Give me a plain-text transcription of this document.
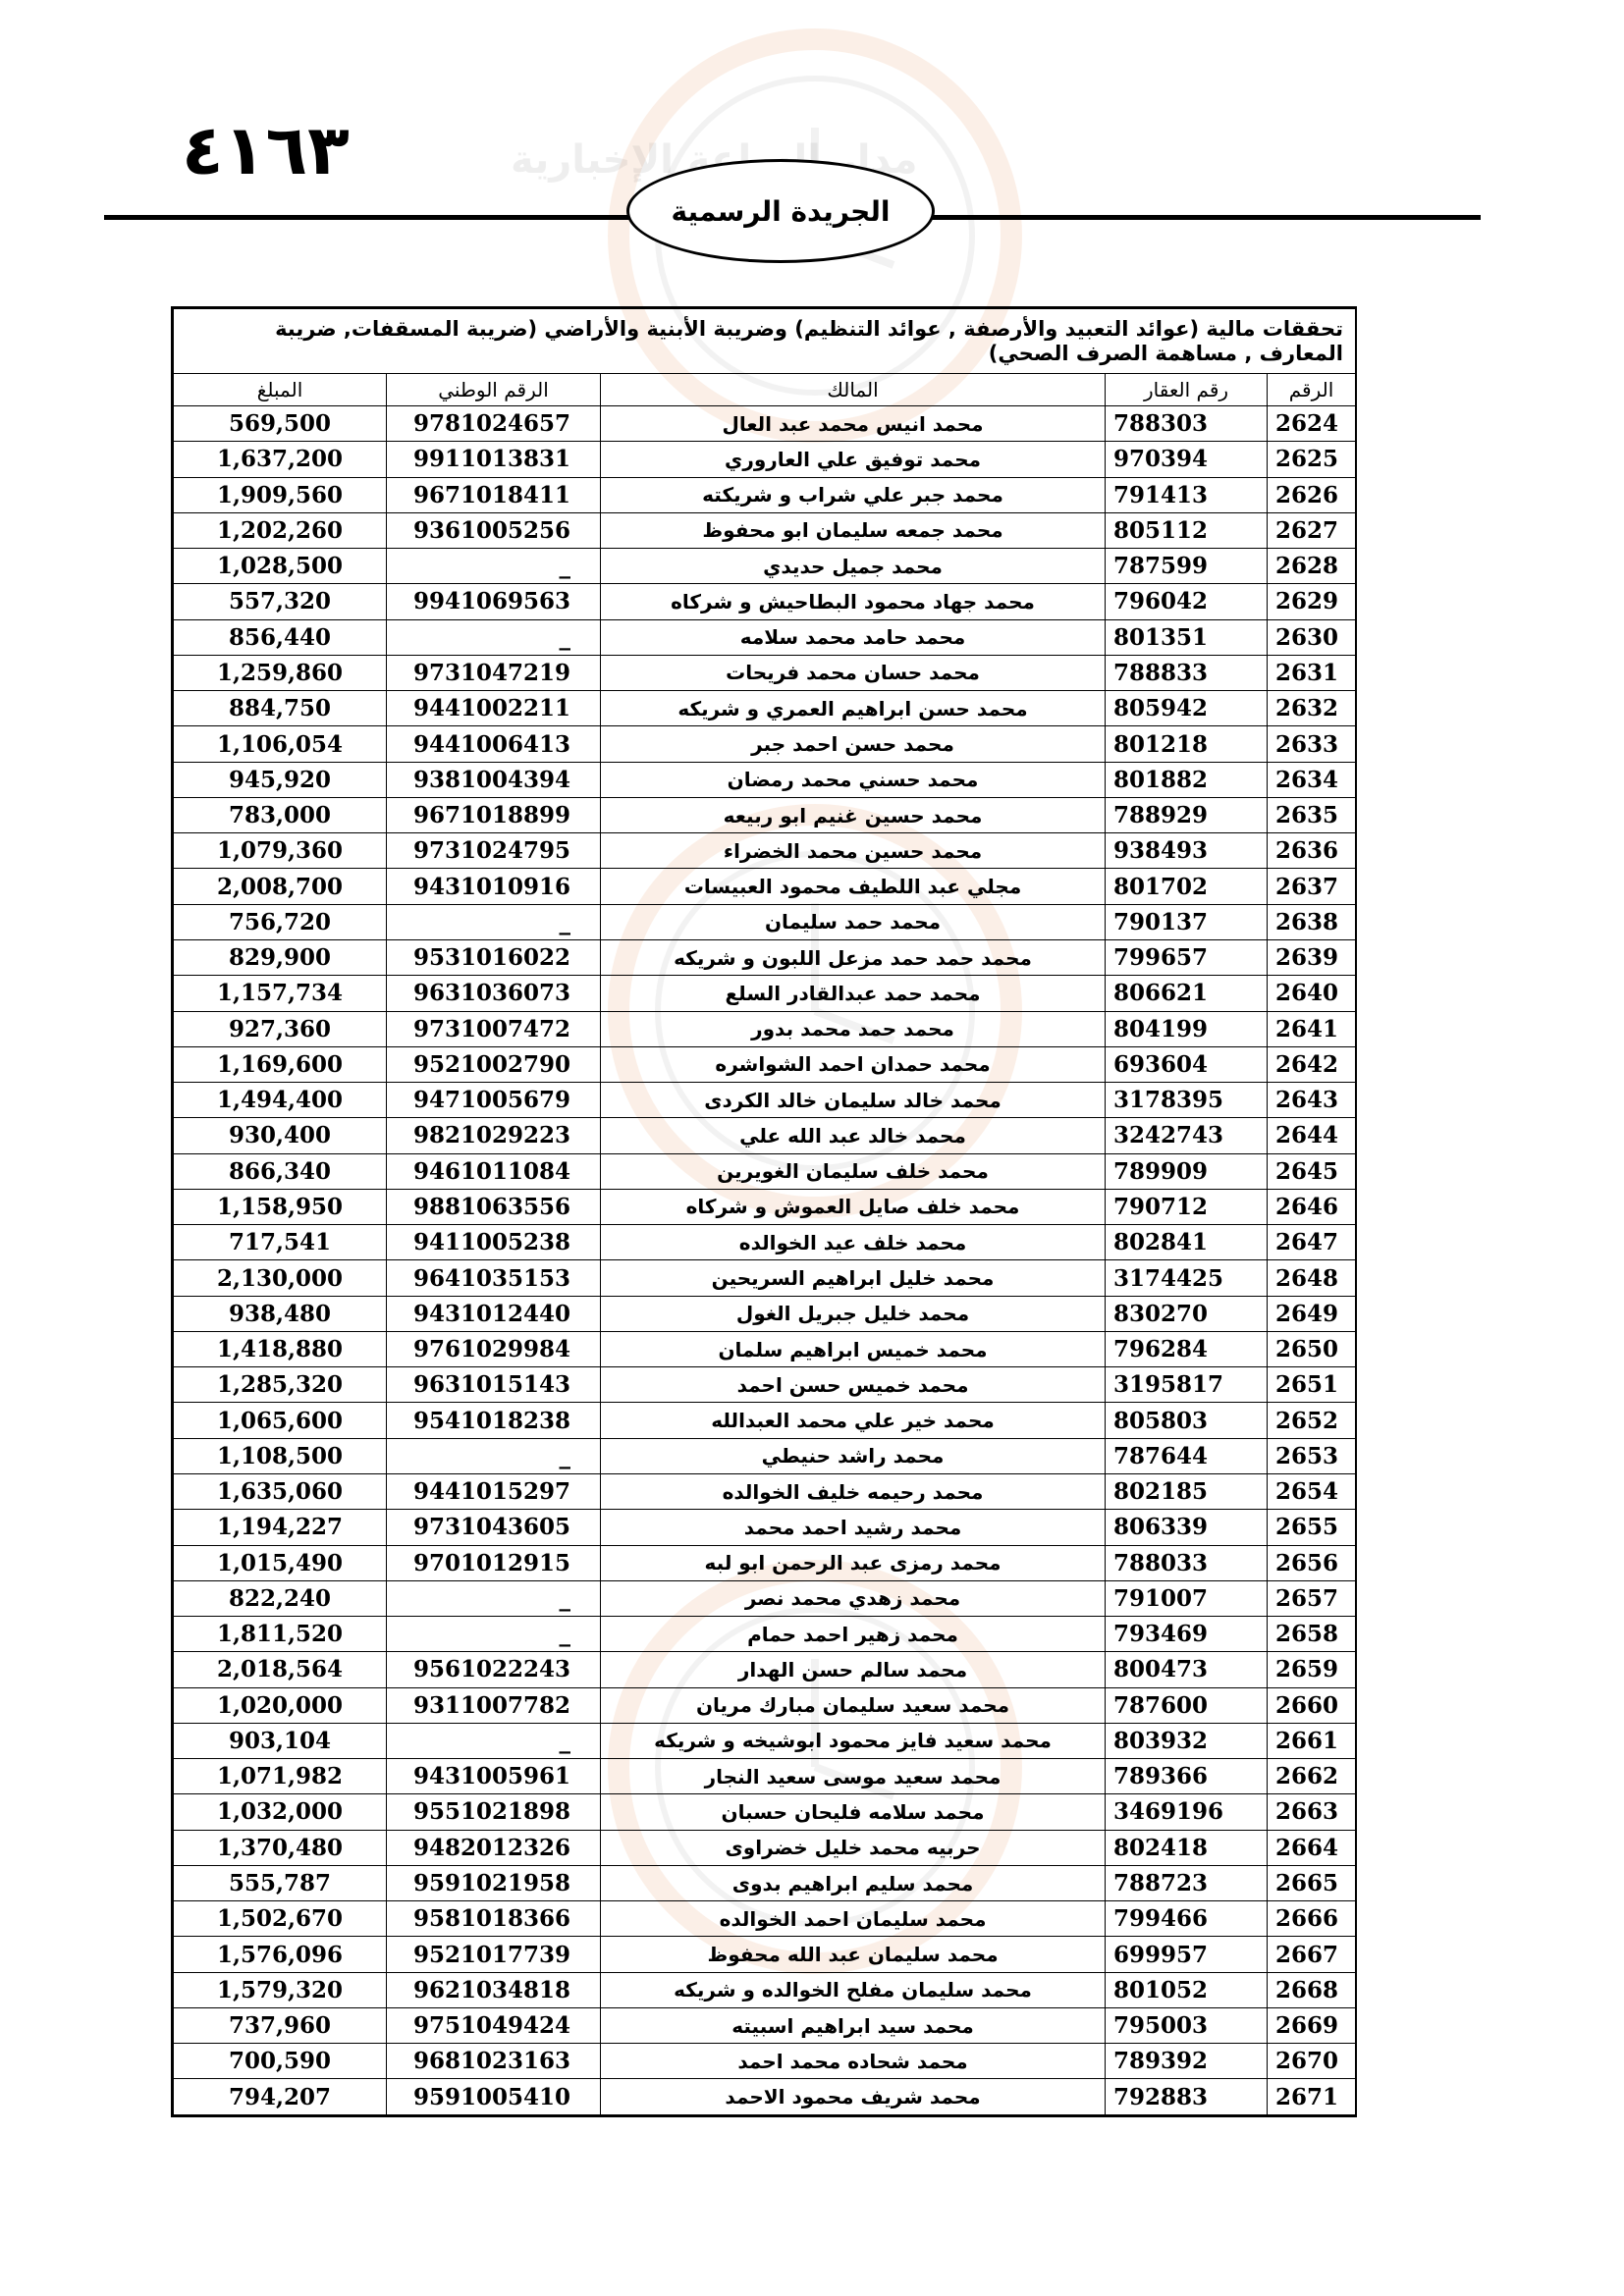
مدار الساعة الإخبارية
٤١٦٣
الجريدة الرسمية
تحققات مالية (عوائد التعبيد والأرصفة , عوائد التنظيم) وضريبة الأبنية والأراضي (ضريبة المسقفات, ضريبة المعارف , مساهمة الصرف الصحي)				
الرقم	رقم العقار	المالك	الرقم الوطني	المبلغ
2624	788303	محمد انيس محمد عبد العال	9781024657	569,500
2625	970394	محمد توفيق علي العاروري	9911013831	1,637,200
2626	791413	محمد جبر علي شراب و شريكته	9671018411	1,909,560
2627	805112	محمد جمعه سليمان ابو محفوظ	9361005256	1,202,260
2628	787599	محمد جميل حديدي	_	1,028,500
2629	796042	محمد جهاد محمود البطاحيش و شركاه	9941069563	557,320
2630	801351	محمد حامد محمد سلامه	_	856,440
2631	788833	محمد حسان محمد فريحات	9731047219	1,259,860
2632	805942	محمد حسن ابراهيم العمري و شريكه	9441002211	884,750
2633	801218	محمد حسن احمد جبر	9441006413	1,106,054
2634	801882	محمد حسني محمد رمضان	9381004394	945,920
2635	788929	محمد حسين غنيم ابو ربيعه	9671018899	783,000
2636	938493	محمد حسين محمد الخضراء	9731024795	1,079,360
2637	801702	مجلي عبد اللطيف محمود العبيسات	9431010916	2,008,700
2638	790137	محمد حمد سليمان	_	756,720
2639	799657	محمد حمد حمد مزعل اللبون و شريكه	9531016022	829,900
2640	806621	محمد حمد عبدالقادر السلع	9631036073	1,157,734
2641	804199	محمد حمد محمد بدور	9731007472	927,360
2642	693604	محمد حمدان احمد الشواشره	9521002790	1,169,600
2643	3178395	محمد خالد سليمان خالد الكردى	9471005679	1,494,400
2644	3242743	محمد خالد عبد الله علي	9821029223	930,400
2645	789909	محمد خلف سليمان الغويرين	9461011084	866,340
2646	790712	محمد خلف صايل العموش و شركاه	9881063556	1,158,950
2647	802841	محمد خلف عيد الخوالده	9411005238	717,541
2648	3174425	محمد خليل ابراهيم السريحين	9641035153	2,130,000
2649	830270	محمد خليل جبريل الغول	9431012440	938,480
2650	796284	محمد خميس ابراهيم سلمان	9761029984	1,418,880
2651	3195817	محمد خميس حسن احمد	9631015143	1,285,320
2652	805803	محمد خير علي محمد العبدالله	9541018238	1,065,600
2653	787644	محمد راشد حنيطي	_	1,108,500
2654	802185	محمد رحيمه خليف الخوالده	9441015297	1,635,060
2655	806339	محمد رشيد احمد محمد	9731043605	1,194,227
2656	788033	محمد رمزى عبد الرحمن ابو لبه	9701012915	1,015,490
2657	791007	محمد زهدي محمد نصر	_	822,240
2658	793469	محمد زهير احمد حمام	_	1,811,520
2659	800473	محمد سالم حسن الهدار	9561022243	2,018,564
2660	787600	محمد سعيد سليمان مبارك مريان	9311007782	1,020,000
2661	803932	محمد سعيد فايز محمود ابوشيخه و شريكه	_	903,104
2662	789366	محمد سعيد موسى سعيد النجار	9431005961	1,071,982
2663	3469196	محمد سلامه فليحان حسبان	9551021898	1,032,000
2664	802418	حربيه محمد خليل خضراوى	9482012326	1,370,480
2665	788723	محمد سليم ابراهيم بدوى	9591021958	555,787
2666	799466	محمد سليمان احمد الخوالده	9581018366	1,502,670
2667	699957	محمد سليمان عبد الله محفوظ	9521017739	1,576,096
2668	801052	محمد سليمان مفلح الخوالده و شريكه	9621034818	1,579,320
2669	795003	محمد سيد ابراهيم اسبيته	9751049424	737,960
2670	789392	محمد شحاده محمد احمد	9681023163	700,590
2671	792883	محمد شريف محمود الاحمد	9591005410	794,207
